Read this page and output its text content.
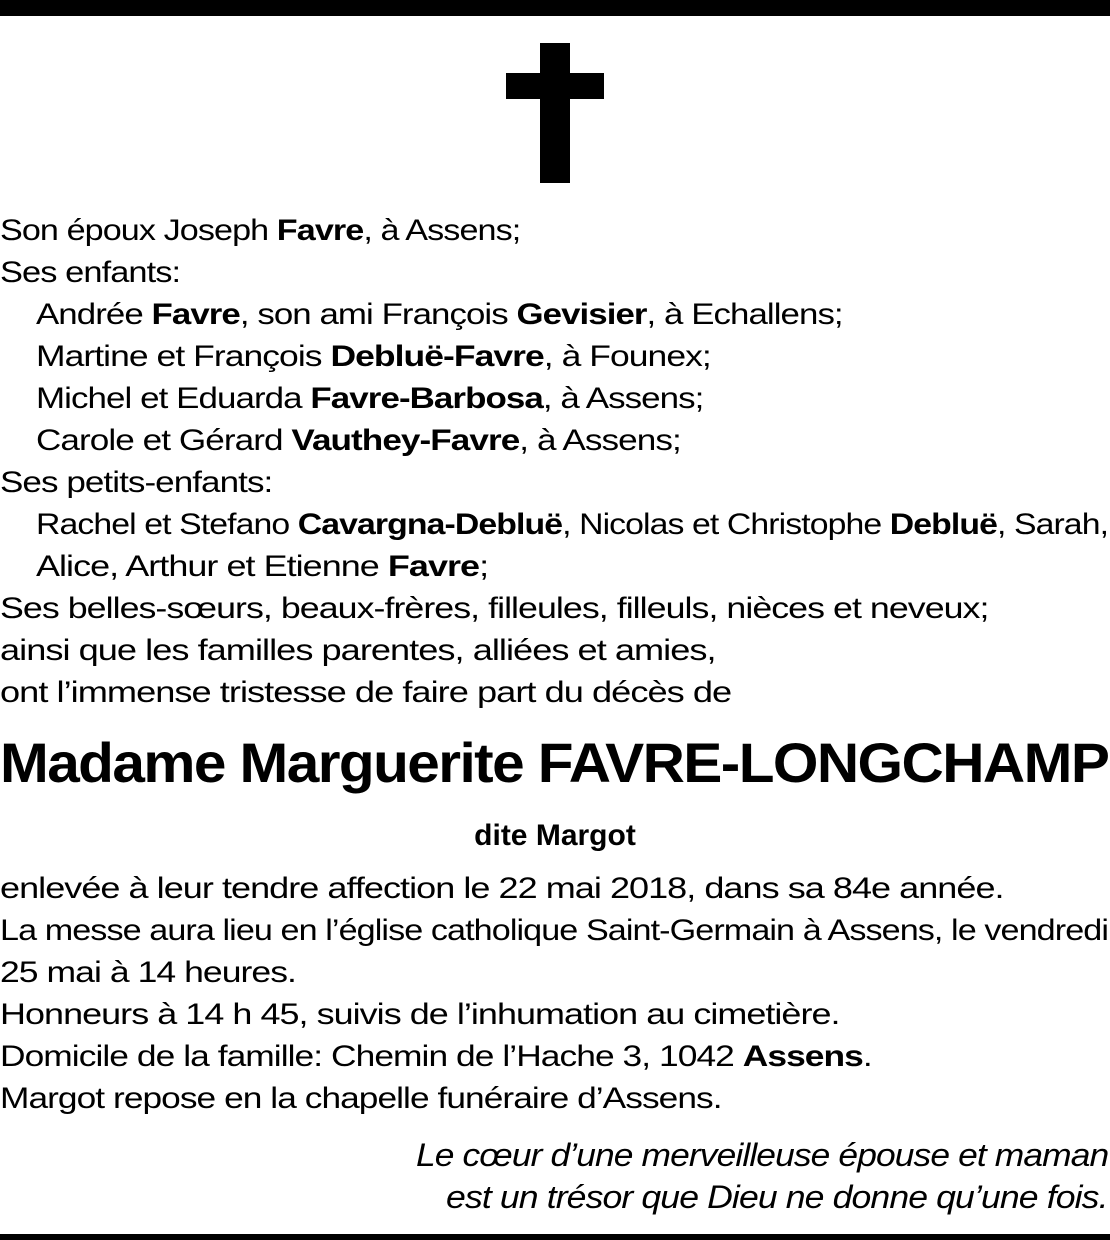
Son époux Joseph Favre, à Assens;
Ses enfants:
Andrée Favre, son ami François Gevisier, à Echallens;
Martine et François Debluë-Favre, à Founex;
Michel et Eduarda Favre-Barbosa, à Assens;
Carole et Gérard Vauthey-Favre, à Assens;
Ses petits-enfants:
Rachel et Stefano Cavargna-Debluë, Nicolas et Christophe Debluë, Sarah,
Alice, Arthur et Etienne Favre;
Ses belles-sœurs, beaux-frères, filleules, filleuls, nièces et neveux;
ainsi que les familles parentes, alliées et amies,
ont l’immense tristesse de faire part du décès de
Madame Marguerite FAVRE-LONGCHAMP
dite Margot
enlevée à leur tendre affection le 22 mai 2018, dans sa 84e année.
La messe aura lieu en l’église catholique Saint-Germain à Assens, le vendredi
25 mai à 14 heures.
Honneurs à 14 h 45, suivis de l’inhumation au cimetière.
Domicile de la famille: Chemin de l’Hache 3, 1042 Assens.
Margot repose en la chapelle funéraire d’Assens.
Le cœur d’une merveilleuse épouse et maman
est un trésor que Dieu ne donne qu’une fois.
